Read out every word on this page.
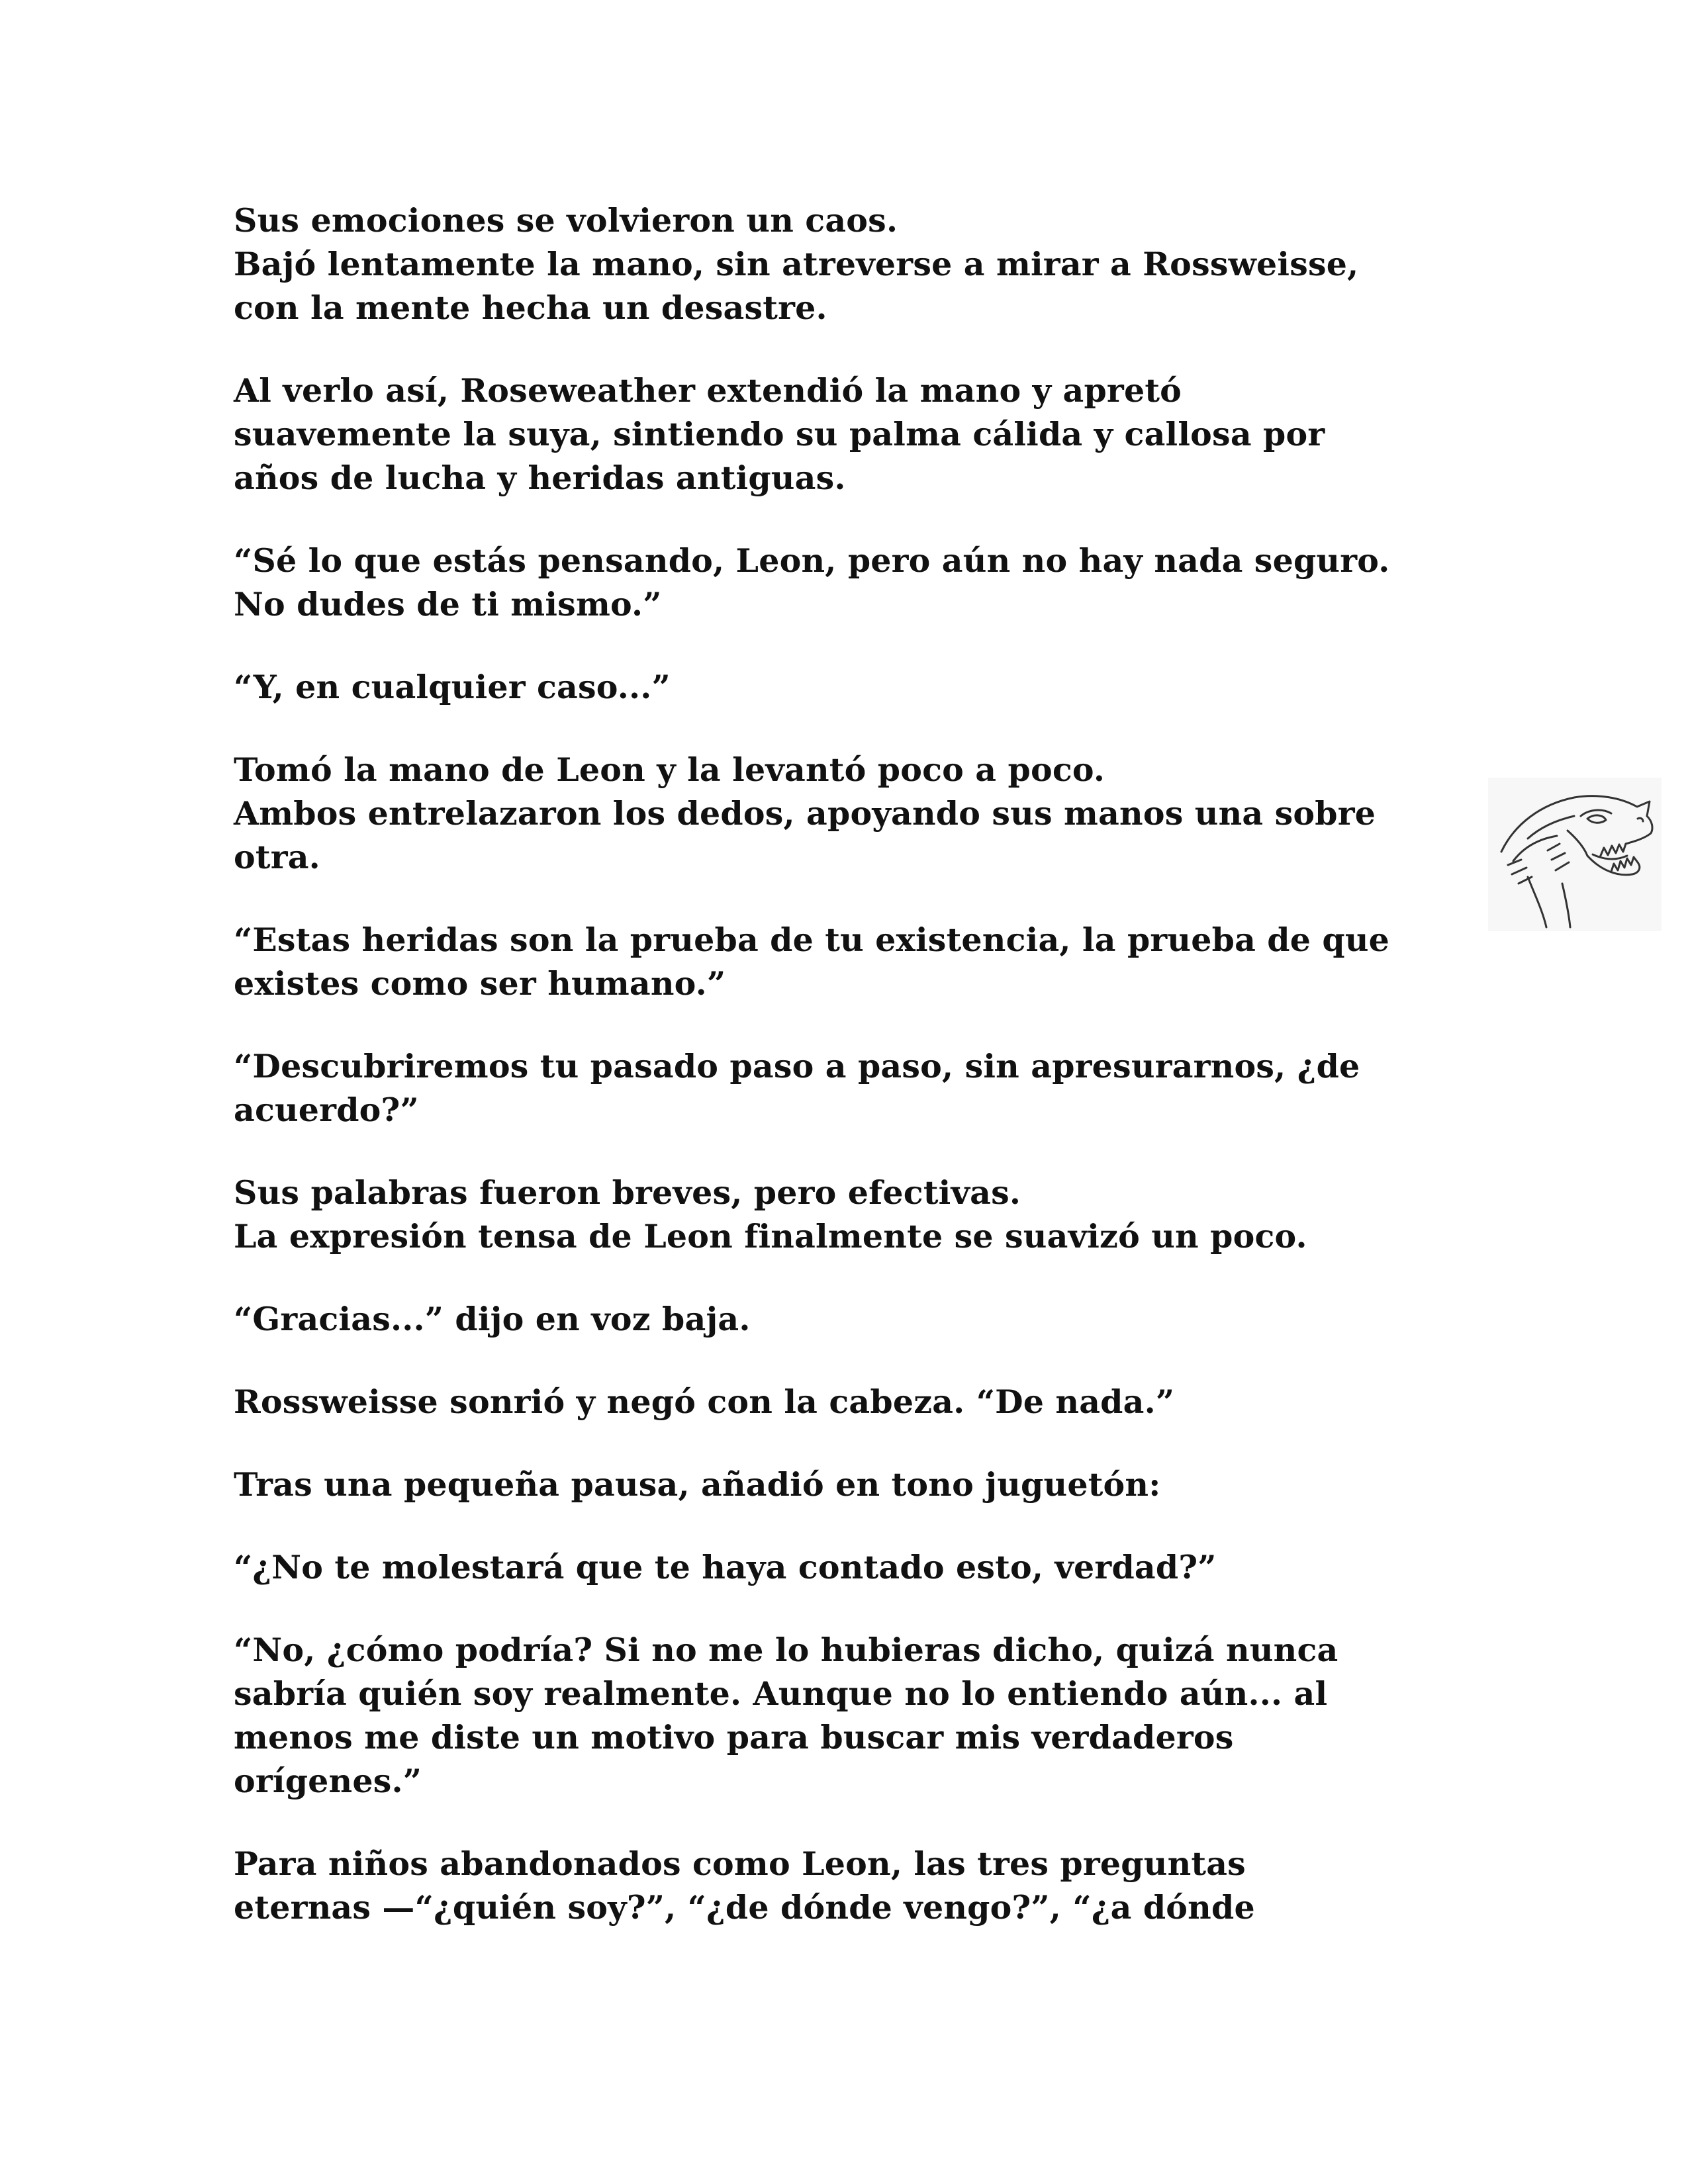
Sus emociones se volvieron un caos.
Bajó lentamente la mano, sin atreverse a mirar a Rossweisse,
con la mente hecha un desastre.

Al verlo así, Roseweather extendió la mano y apretó
suavemente la suya, sintiendo su palma cálida y callosa por
años de lucha y heridas antiguas.

“Sé lo que estás pensando, Leon, pero aún no hay nada seguro.
No dudes de ti mismo.”

“Y, en cualquier caso...”

Tomó la mano de Leon y la levantó poco a poco.
Ambos entrelazaron los dedos, apoyando sus manos una sobre
otra.

“Estas heridas son la prueba de tu existencia, la prueba de que
existes como ser humano.”

“Descubriremos tu pasado paso a paso, sin apresurarnos, ¿de
acuerdo?”

Sus palabras fueron breves, pero efectivas.
La expresión tensa de Leon finalmente se suavizó un poco.

“Gracias...” dijo en voz baja.

Rossweisse sonrió y negó con la cabeza. “De nada.”

Tras una pequeña pausa, añadió en tono juguetón:

“¿No te molestará que te haya contado esto, verdad?”

“No, ¿cómo podría? Si no me lo hubieras dicho, quizá nunca
sabría quién soy realmente. Aunque no lo entiendo aún... al
menos me diste un motivo para buscar mis verdaderos
orígenes.”

Para niños abandonados como Leon, las tres preguntas
eternas —“¿quién soy?”, “¿de dónde vengo?”, “¿a dónde
